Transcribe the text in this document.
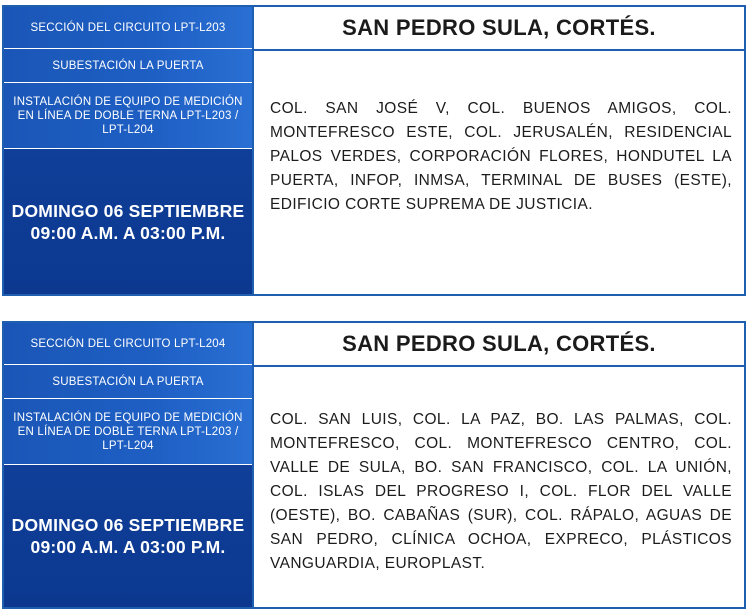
SECCIÓN DEL CIRCUITO LPT-L203
SUBESTACIÓN LA PUERTA
INSTALACIÓN DE EQUIPO DE MEDICIÓN EN LÍNEA DE DOBLE TERNA LPT-L203 / LPT-L204
DOMINGO 06 SEPTIEMBRE
09:00 A.M. A 03:00 P.M.
SAN PEDRO SULA, CORTÉS.

COL. SAN JOSÉ V, COL. BUENOS AMIGOS, COL. MONTEFRESCO ESTE, COL. JERUSALÉN, RESIDENCIAL PALOS VERDES, CORPORACIÓN FLORES, HONDUTEL LA PUERTA, INFOP, INMSA, TERMINAL DE BUSES (ESTE), EDIFICIO CORTE SUPREMA DE JUSTICIA.

SECCIÓN DEL CIRCUITO LPT-L204
SUBESTACIÓN LA PUERTA
INSTALACIÓN DE EQUIPO DE MEDICIÓN EN LÍNEA DE DOBLE TERNA LPT-L203 / LPT-L204
DOMINGO 06 SEPTIEMBRE
09:00 A.M. A 03:00 P.M.
SAN PEDRO SULA, CORTÉS.

COL. SAN LUIS, COL. LA PAZ, BO. LAS PALMAS, COL. MONTEFRESCO, COL. MONTEFRESCO CENTRO, COL. VALLE DE SULA, BO. SAN FRANCISCO, COL. LA UNIÓN, COL. ISLAS DEL PROGRESO I, COL. FLOR DEL VALLE (OESTE), BO. CABAÑAS (SUR), COL. RÁPALO, AGUAS DE SAN PEDRO, CLÍNICA OCHOA, EXPRECO, PLÁSTICOS VANGUARDIA, EUROPLAST.
